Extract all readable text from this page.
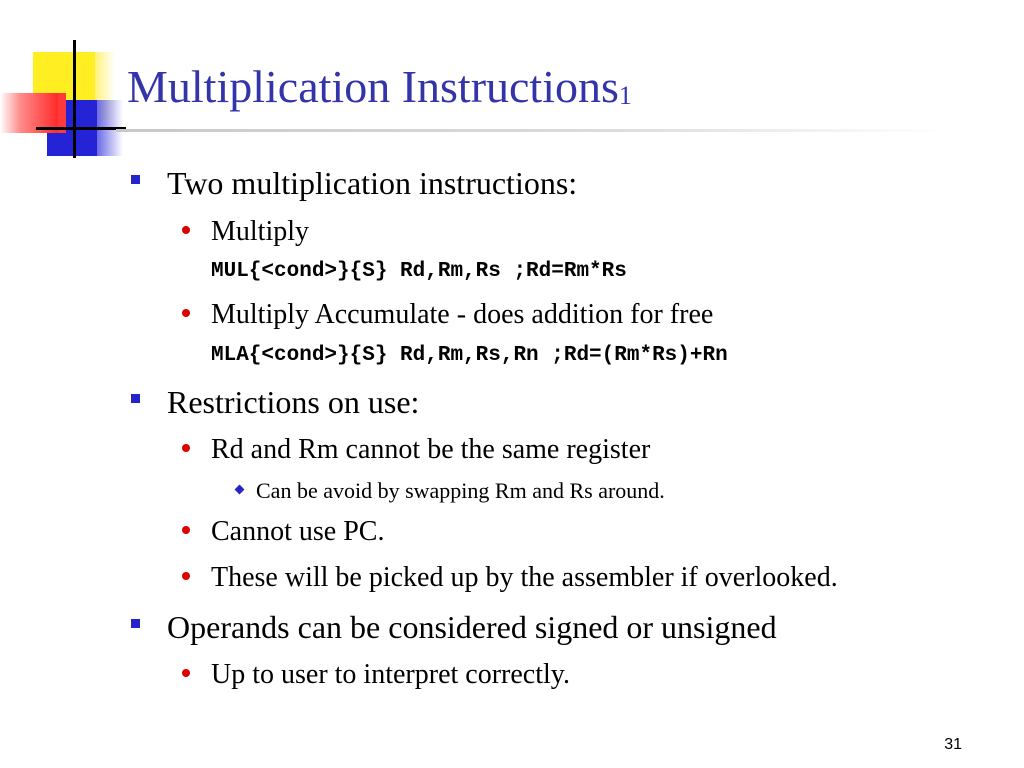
Multiplication Instructions$_1$
Two multiplication instructions:
Multiply
MUL{<cond>}{S} Rd,Rm,Rs ;Rd=Rm*Rs
Multiply Accumulate - does addition for free
MLA{<cond>}{S} Rd,Rm,Rs,Rn ;Rd=(Rm*Rs)+Rn
Restrictions on use:
Rd and Rm cannot be the same register
Can be avoid by swapping Rm and Rs around.
Cannot use PC.
These will be picked up by the assembler if overlooked.
Operands can be considered signed or unsigned
Up to user to interpret correctly.
31
